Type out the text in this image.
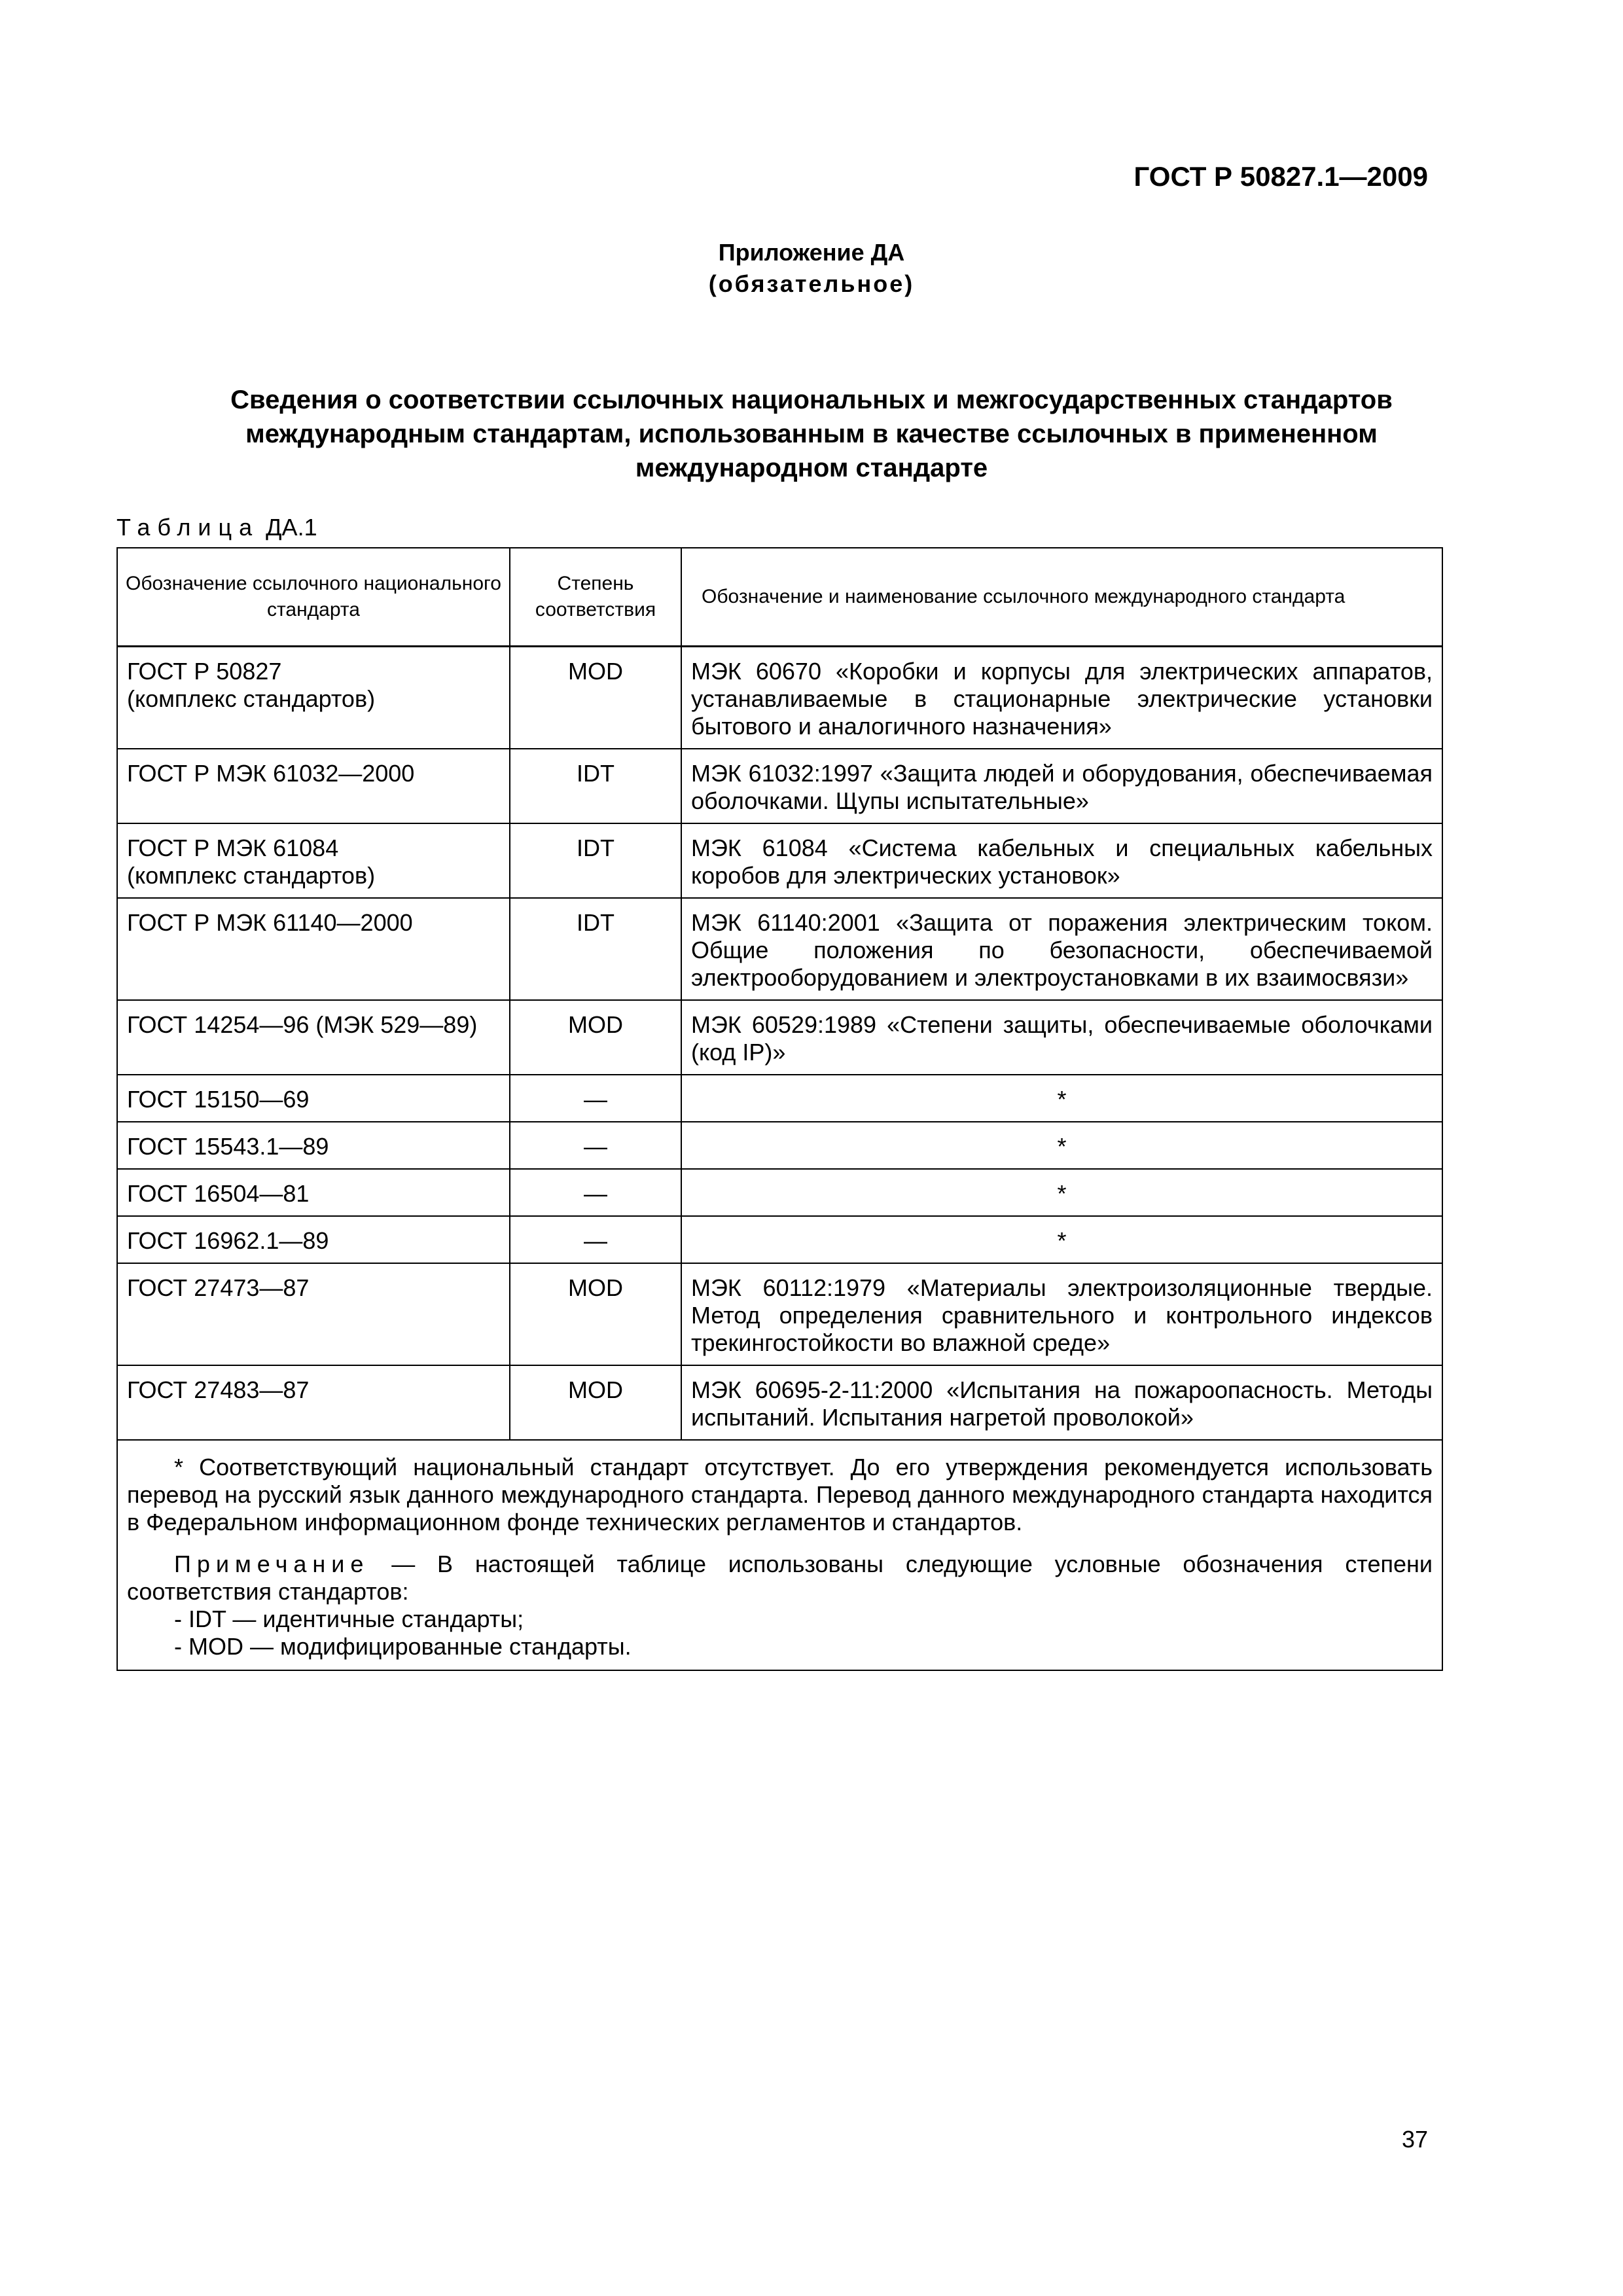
ГОСТ Р 50827.1—2009
Приложение ДА
(обязательное)
Сведения о соответствии ссылочных национальных и межгосударственных стандартов
международным стандартам, использованным в качестве ссылочных в примененном
международном стандарте
Таблица ДА.1
Обозначение ссылочного национального стандарта	Степень соответствия	Обозначение и наименование ссылочного международного стандарта
ГОСТ Р 50827
(комплекс стандартов)	MOD	МЭК 60670 «Коробки и корпусы для электрических аппаратов, устанавливаемые в стационарные электрические установки бытового и аналогичного назначения»
ГОСТ Р МЭК 61032—2000	IDT	МЭК 61032:1997 «Защита людей и оборудования, обеспечиваемая оболочками. Щупы испытательные»
ГОСТ Р МЭК 61084
(комплекс стандартов)	IDT	МЭК 61084 «Система кабельных и специальных кабельных коробов для электрических установок»
ГОСТ Р МЭК 61140—2000	IDT	МЭК 61140:2001 «Защита от поражения электрическим током. Общие положения по безопасности, обеспечиваемой электрооборудованием и электроустановками в их взаимосвязи»
ГОСТ 14254—96 (МЭК 529—89)	MOD	МЭК 60529:1989 «Степени защиты, обеспечиваемые оболочками (код IP)»
ГОСТ 15150—69	—	*
ГОСТ 15543.1—89	—	*
ГОСТ 16504—81	—	*
ГОСТ 16962.1—89	—	*
ГОСТ 27473—87	MOD	МЭК 60112:1979 «Материалы электроизоляционные твердые. Метод определения сравнительного и контрольного индексов трекингостойкости во влажной среде»
ГОСТ 27483—87	MOD	МЭК 60695-2-11:2000 «Испытания на пожароопасность. Методы испытаний. Испытания нагретой проволокой»

* Соответствующий национальный стандарт отсутствует. До его утверждения рекомендуется использовать перевод на русский язык данного международного стандарта. Перевод данного международного стандарта находится в Федеральном информационном фонде технических регламентов и стандартов.

Примечание — В настоящей таблице использованы следующие условные обозначения степени соответствия стандартов:

- IDT — идентичные стандарты;

- MOD — модифицированные стандарты.		

37
